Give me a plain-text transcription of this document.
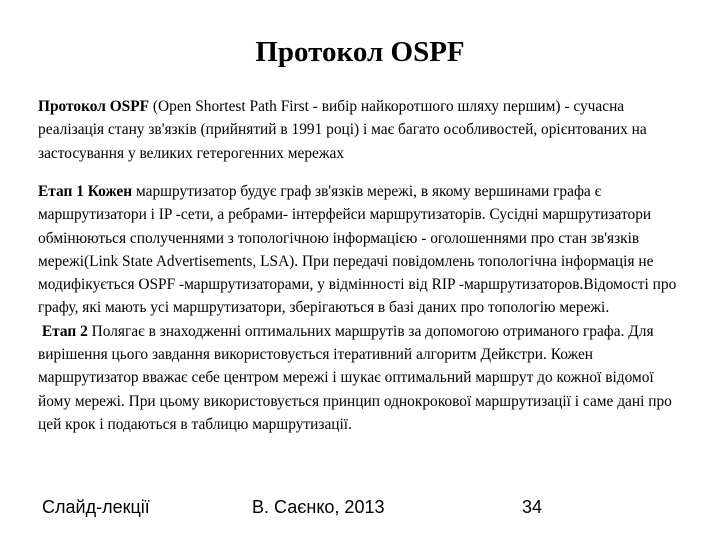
Протокол OSPF
Протокол OSPF (Open Shortest Path First - вибір найкоротшого шляху першим) - сучасна реалізація стану зв'язків (прийнятий в 1991 році) і має багато особливостей, орієнтованих на застосування у великих гетерогенних мережах
Етап 1 Кожен маршрутизатор будує граф зв'язків мережі, в якому вершинами графа є маршрутизатори і IP -сети, а ребрами- інтерфейси маршрутизаторів. Сусідні маршрутизатори обмінюються сполученнями з топологічною інформацією - оголошеннями про стан зв'язків мережі(Link State Advertisements, LSA). При передачі повідомлень топологічна інформація не модифікується OSPF -маршрутизаторами, у відмінності від RIP -маршрутизаторов.Відомості про графу, які мають усі маршрутизатори, зберігаються в базі даних про топологію мережі.
Етап 2 Полягає в знаходженні оптимальних маршрутів за допомогою отриманого графа. Для вирішення цього завдання використовується ітеративний алгоритм Дейкстри. Кожен маршрутизатор вважає себе центром мережі і шукає оптимальний маршрут до кожної відомої йому мережі. При цьому використовується принцип однокрокової маршрутизації і саме дані про цей крок і подаються в таблицю маршрутизації.
Слайд-лекції	В. Саєнко, 2013	34
